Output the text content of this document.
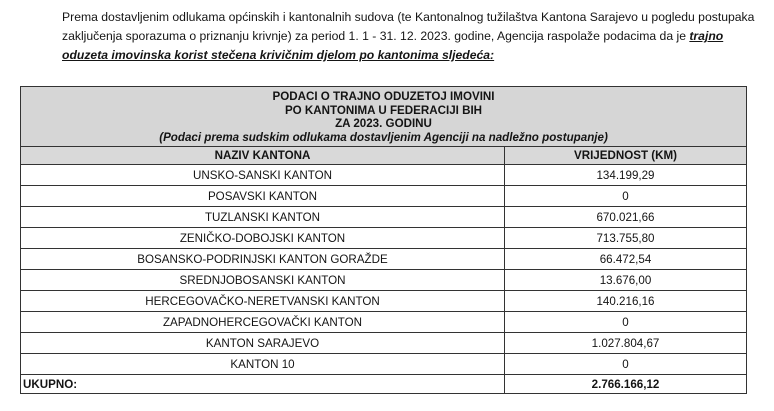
Prema dostavljenim odlukama općinskih i kantonalnih sudova (te Kantonalnog tužilaštva Kantona Sarajevo u pogledu postupaka zaključenja sporazuma o priznanju krivnje) za period 1. 1 - 31. 12. 2023. godine, Agencija raspolaže podacima da je trajno oduzeta imovinska korist stečena krivičnim djelom po kantonima sljedeća:
PODACI O TRAJNO ODUZETOJ IMOVINI
PO KANTONIMA U FEDERACIJI BIH
ZA 2023. GODINU
(Podaci prema sudskim odlukama dostavljenim Agenciji na nadležno postupanje)	

NAZIV KANTONA	VRIJEDNOST (KM)
UNSKO-SANSKI KANTON	134.199,29
POSAVSKI KANTON	0
TUZLANSKI KANTON	670.021,66
ZENIČKO-DOBOJSKI KANTON	713.755,80
BOSANSKO-PODRINJSKI KANTON GORAŽDE	66.472,54
SREDNJOBOSANSKI KANTON	13.676,00
HERCEGOVAČKO-NERETVANSKI KANTON	140.216,16
ZAPADNOHERCEGOVAČKI KANTON	0
KANTON SARAJEVO	1.027.804,67
KANTON 10	0
UKUPNO:	2.766.166,12
